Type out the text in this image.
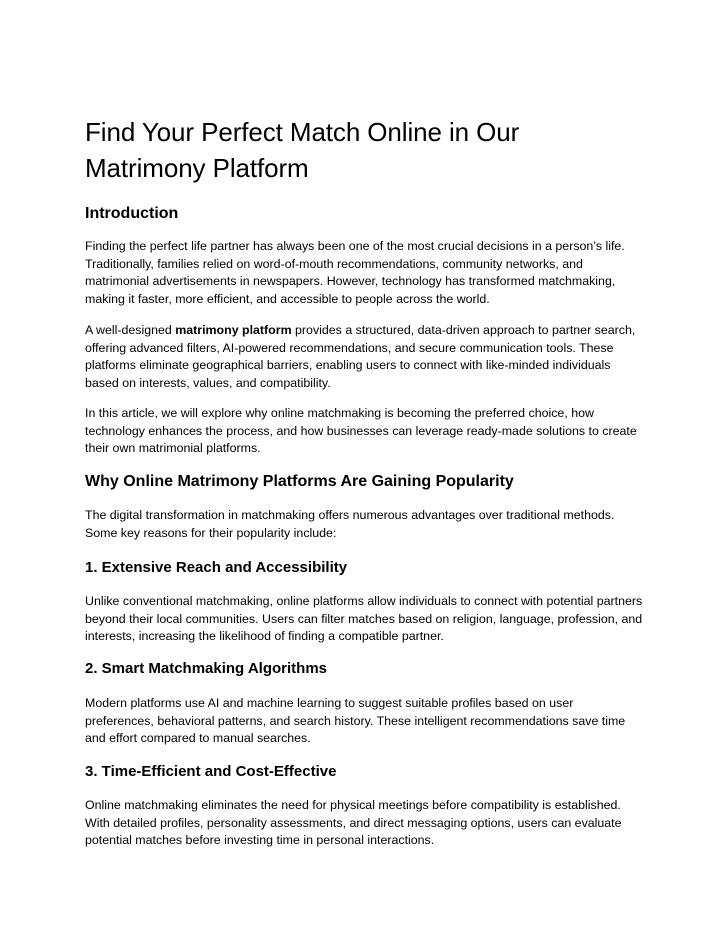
Find Your Perfect Match Online in Our Matrimony Platform
Introduction

Finding the perfect life partner has always been one of the most crucial decisions in a person’s life. Traditionally, families relied on word-of-mouth recommendations, community networks, and matrimonial advertisements in newspapers. However, technology has transformed matchmaking, making it faster, more efficient, and accessible to people across the world.

A well-designed matrimony platform provides a structured, data-driven approach to partner search, offering advanced filters, AI-powered recommendations, and secure communication tools. These platforms eliminate geographical barriers, enabling users to connect with like-minded individuals based on interests, values, and compatibility.

In this article, we will explore why online matchmaking is becoming the preferred choice, how technology enhances the process, and how businesses can leverage ready-made solutions to create their own matrimonial platforms.

Why Online Matrimony Platforms Are Gaining Popularity

The digital transformation in matchmaking offers numerous advantages over traditional methods. Some key reasons for their popularity include:

1. Extensive Reach and Accessibility

Unlike conventional matchmaking, online platforms allow individuals to connect with potential partners beyond their local communities. Users can filter matches based on religion, language, profession, and interests, increasing the likelihood of finding a compatible partner.

2. Smart Matchmaking Algorithms

Modern platforms use AI and machine learning to suggest suitable profiles based on user preferences, behavioral patterns, and search history. These intelligent recommendations save time and effort compared to manual searches.

3. Time-Efficient and Cost-Effective

Online matchmaking eliminates the need for physical meetings before compatibility is established. With detailed profiles, personality assessments, and direct messaging options, users can evaluate potential matches before investing time in personal interactions.
